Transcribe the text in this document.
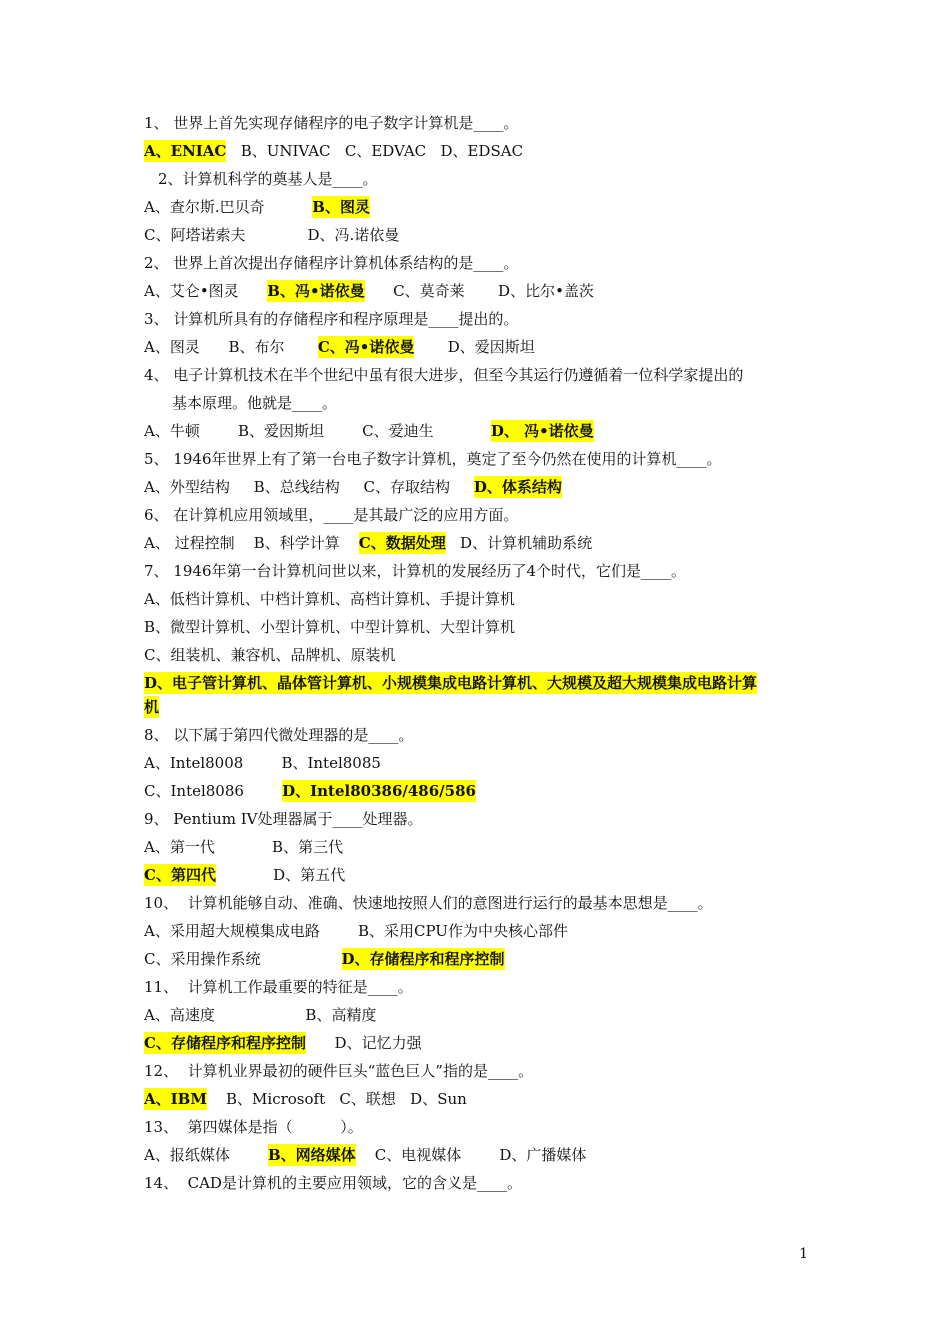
1、 世界上首先实现存储程序的电子数字计算机是____。
A、ENIAC   B、UNIVAC   C、EDVAC   D、EDSAC
2、计算机科学的奠基人是____。
A、查尔斯.巴贝奇          B、图灵
C、阿塔诺索夫             D、冯.诺依曼
2、 世界上首次提出存储程序计算机体系结构的是____。
A、艾仑•图灵      B、冯•诺依曼      C、莫奇莱       D、比尔•盖茨
3、 计算机所具有的存储程序和程序原理是____提出的。
A、图灵      B、布尔       C、冯•诺依曼       D、爱因斯坦
4、 电子计算机技术在半个世纪中虽有很大进步，但至今其运行仍遵循着一位科学家提出的
基本原理。他就是____。
A、牛顿        B、爱因斯坦        C、爱迪生            D、 冯•诺依曼
5、 1946年世界上有了第一台电子数字计算机，奠定了至今仍然在使用的计算机____。
A、外型结构     B、总线结构     C、存取结构     D、体系结构
6、 在计算机应用领域里，____是其最广泛的应用方面。
A、 过程控制    B、科学计算    C、数据处理   D、计算机辅助系统
7、 1946年第一台计算机问世以来，计算机的发展经历了4个时代，它们是____。
A、低档计算机、中档计算机、高档计算机、手提计算机
B、微型计算机、小型计算机、中型计算机、大型计算机
C、组装机、兼容机、品牌机、原装机
D、电子管计算机、晶体管计算机、小规模集成电路计算机、大规模及超大规模集成电路计算
机
8、 以下属于第四代微处理器的是____。
A、Intel8008        B、Intel8085
C、Intel8086        D、Intel80386/486/586
9、 Pentium IV处理器属于____处理器。
A、第一代            B、第三代
C、第四代            D、第五代
10、  计算机能够自动、准确、快速地按照人们的意图进行运行的最基本思想是____。
A、采用超大规模集成电路        B、采用CPU作为中央核心部件
C、采用操作系统                 D、存储程序和程序控制
11、  计算机工作最重要的特征是____。
A、高速度                   B、高精度
C、存储程序和程序控制      D、记忆力强
12、  计算机业界最初的硬件巨头“蓝色巨人”指的是____。
A、IBM    B、Microsoft   C、联想   D、Sun
13、  第四媒体是指（          ）。
A、报纸媒体        B、网络媒体    C、电视媒体        D、广播媒体
14、  CAD是计算机的主要应用领域，它的含义是____。
1
